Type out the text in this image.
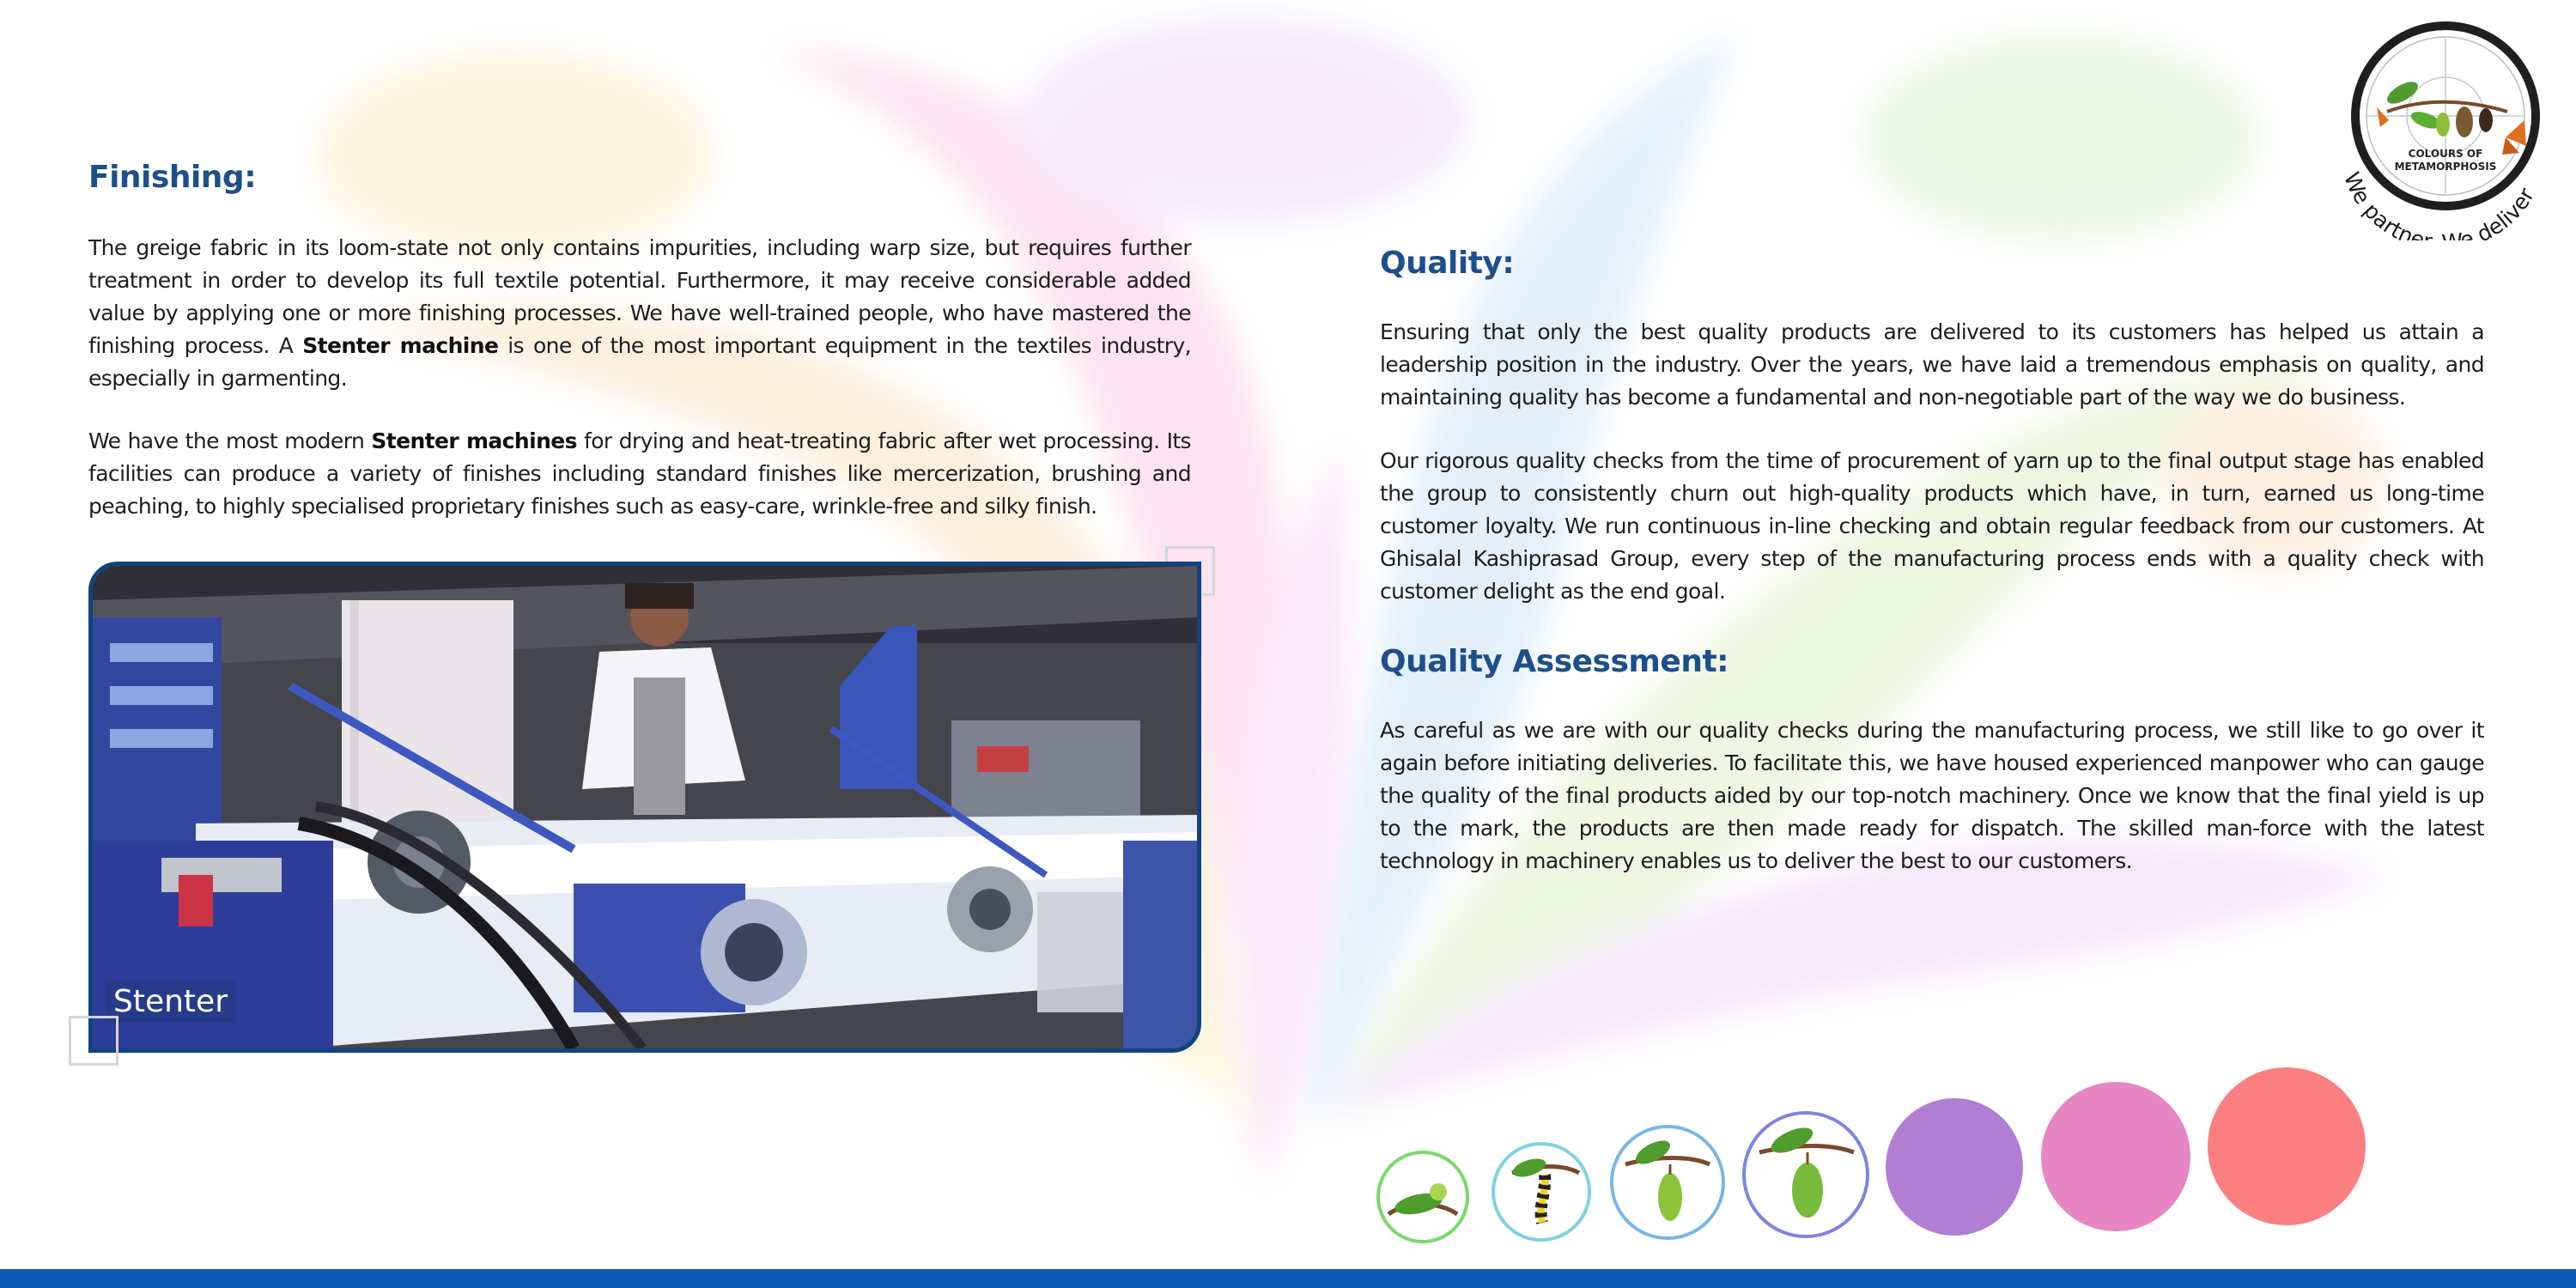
Finishing:

The greige fabric in its loom-state not only contains impurities, including warp size, but requires further treatment in order to develop its full textile potential. Furthermore, it may receive considerable added value by applying one or more finishing processes. We have well-trained people, who have mastered the finishing process. A Stenter machine is one of the most important equipment in the textiles industry, especially in garmenting.

We have the most modern Stenter machines for drying and heat-treating fabric after wet processing. Its facilities can produce a variety of finishes including standard finishes like mercerization, brushing and peaching, to highly specialised proprietary finishes such as easy-care, wrinkle-free and silky finish.

Stenter
Quality:

Ensuring that only the best quality products are delivered to its customers has helped us attain a leadership position in the industry. Over the years, we have laid a tremendous emphasis on quality, and maintaining quality has become a fundamental and non-negotiable part of the way we do business.

Our rigorous quality checks from the time of procurement of yarn up to the final output stage has enabled the group to consistently churn out high-quality products which have, in turn, earned us long-time customer loyalty. We run continuous in-line checking and obtain regular feedback from our customers. At Ghisalal Kashiprasad Group, every step of the manufacturing process ends with a quality check with customer delight as the end goal.

Quality Assessment:

As careful as we are with our quality checks during the manufacturing process, we still like to go over it again before initiating deliveries. To facilitate this, we have housed experienced manpower who can gauge the quality of the final products aided by our top-notch machinery. Once we know that the final yield is up to the mark, the products are then made ready for dispatch. The skilled man-force with the latest technology in machinery enables us to deliver the best to our customers.

COLOURS OF
METAMORPHOSIS
We partne e deliver
